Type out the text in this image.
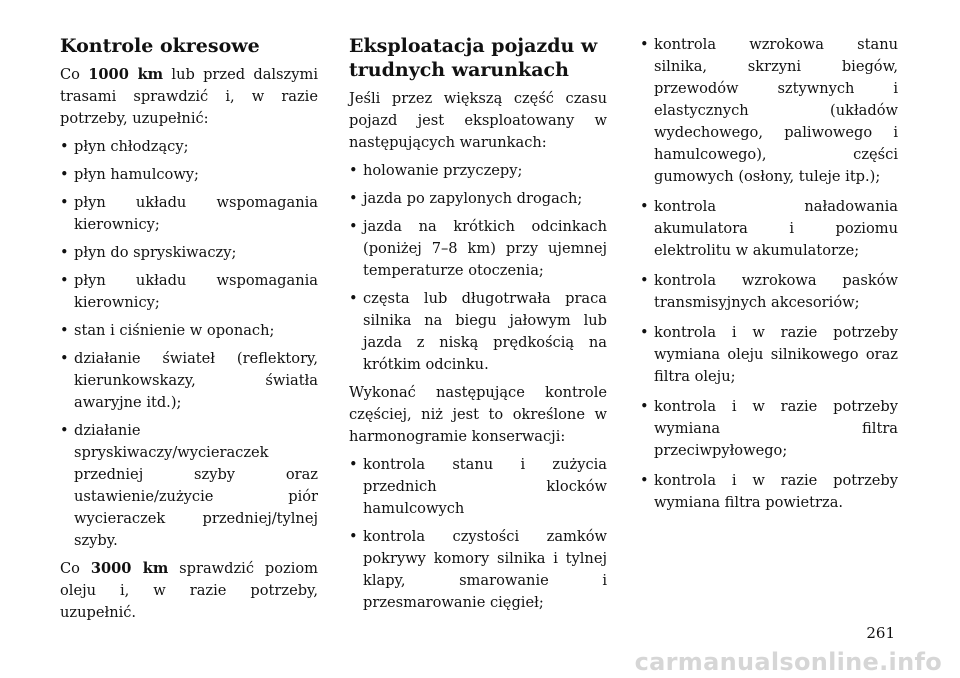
Kontrole okresowe

Co 1000 km lub przed dalszymi trasami sprawdzić i, w razie potrzeby, uzupełnić:

• płyn chłodzący;
• płyn hamulcowy;
• płyn układu wspomagania kierownicy;
• płyn do spryskiwaczy;
• płyn układu wspomagania kierownicy;
• stan i ciśnienie w oponach;
• działanie świateł (reflektory, kierunkowskazy, światła awaryjne itd.);
• działanie spryskiwaczy/wycieraczek przedniej szyby oraz ustawienie/zużycie piór wycieraczek przedniej/tylnej szyby.

Co 3000 km sprawdzić poziom oleju i, w razie potrzeby, uzupełnić.

Eksploatacja pojazdu w trudnych warunkach

Jeśli przez większą część czasu pojazd jest eksploatowany w następujących warunkach:

• holowanie przyczepy;
• jazda po zapylonych drogach;
• jazda na krótkich odcinkach (poniżej 7–8 km) przy ujemnej temperaturze otoczenia;
• częsta lub długotrwała praca silnika na biegu jałowym lub jazda z niską prędkością na krótkim odcinku.

Wykonać następujące kontrole częściej, niż jest to określone w harmonogramie konserwacji:

• kontrola stanu i zużycia przednich klocków hamulcowych
• kontrola czystości zamków pokrywy komory silnika i tylnej klapy, smarowanie i przesmarowanie cięgieł;
• kontrola wzrokowa stanu silnika, skrzyni biegów, przewodów sztywnych i elastycznych (układów wydechowego, paliwowego i hamulcowego), części gumowych (osłony, tuleje itp.);
• kontrola naładowania akumulatora i poziomu elektrolitu w akumulatorze;
• kontrola wzrokowa pasków transmisyjnych akcesoriów;
• kontrola i w razie potrzeby wymiana oleju silnikowego oraz filtra oleju;
• kontrola i w razie potrzeby wymiana filtra przeciwpyłowego;
• kontrola i w razie potrzeby wymiana filtra powietrza.
261
carmanualsonline.info
